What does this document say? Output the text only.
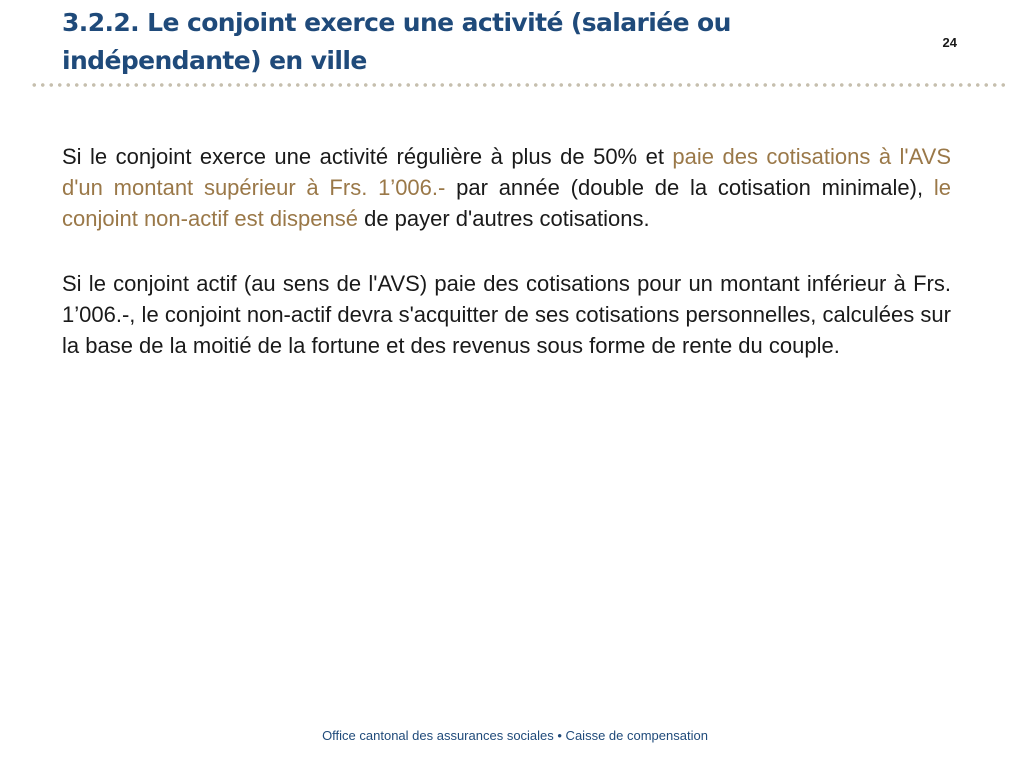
3.2.2. Le conjoint exerce une activité (salariée ou indépendante) en ville
24

Si le conjoint exerce une activité régulière à plus de 50% et paie des cotisations à l'AVS d'un montant supérieur à Frs. 1’006.- par année (double de la cotisation minimale), le conjoint non-actif est dispensé de payer d'autres cotisations.

Si le conjoint actif (au sens de l'AVS) paie des cotisations pour un montant inférieur à Frs. 1’006.-, le conjoint non-actif devra s'acquitter de ses cotisations personnelles, calculées sur la base de la moitié de la fortune et des revenus sous forme de rente du couple.

Office cantonal des assurances sociales • Caisse de compensation
